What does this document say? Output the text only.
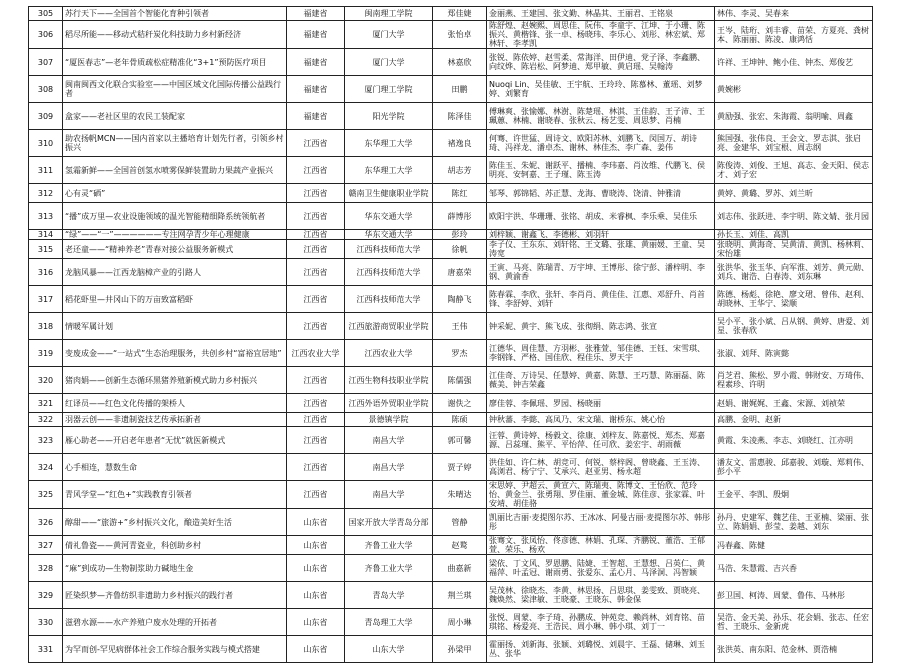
305	苏行天下——全国首个智能化育种引领者	福建省	闽南理工学院	郑佳婕	金丽燕、王建国、张文勤、林晶其、王丽君、王铭泉	林伟、李灵、吴春来
306	稻尽所能——移动式秸秆炭化科技助力乡村新经济	福建省	厦门大学	张怡卓	陈舒煌、赵婉熙、周思佳、阮伟、李童宇、江坤、于小珊、陈振兴、黄楷锋、张一卓、杨晓玮、李乐心、刘彤、林宏斌、郑林轩、李孝凯	王岑、陆珩、刘丰睿、苗荣、方夏亮、龚树本、陈丽丽、陈凌、康鸿恬
307	“厦医春志”—老年骨质疏松症精准化“3+1”预防医疗项目	福建省	厦门大学	林嘉欣	张锐、陈依婷、赵雪柔、常海洋、田伊迪、党子泽、李鑫鹏、向纹烨、陈岩松、阿梦迪、郑甲敏、黄启瑶、吴翰涛	许祥、王坤钟、鲍小佳、钟杰、郑俊艺
308	闽南闽西文化联合实验室——中国区域文化国际传播公益践行者	福建省	厦门理工学院	田鹏	Nuoqi Lin、吴佳敏、王宇航、王玲玲、陈慕林、董瑶、刘梦婷、刘繁育	黄婉彬
309	盒家——老社区里的农民工装配家	福建省	阳光学院	陈泽佳	傅琳爽、张愉娜、林澍、陈楚瑶、林淇、王佳韵、王子沛、王珮蕙、林楠、谢晓春、张秋云、杨艺雯、周思梦、肖楠	黄励强、张宏、朱海霞、翁明喻、周鑫
310	助农扬帆MCN——国内首家以主播培育计划先行者，引领乡村振兴	江西省	东华理工大学	褚逸良	何骞、许世猛、周诗文、欧阳苏林、刘鹏飞、闵国万、胡诗琦、冯祥龙、潘卓杰、谢林、林佳杰、李广森、姜伟	熊国强、张伟良、王会文、罗志淇、张启亮、金建华、刘宝根、周志纲
311	氢霜新鲜——全国首创氢水喷雾保鲜装置助力果蔬产业振兴	江西省	东华理工大学	胡志芳	陈佳玉、朱妮、谢跃平、播楠、李玮嘉、肖汝维、代鹏飞、侯明亮、安轲嘉、王子瑾、陈玉涛	陈俊涛、刘俊、王旭、高志、金天阳、侯志才、刘子宏
312	心有灵“硒”	江西省	赣南卫生健康职业学院	陈红	邹琴、郭锦韬、苏正慧、龙海、曹晓涛、饶清、钟雅清	黄婷、黄璐、罗苏、刘兰昕
313	“播”成万里—农业设施领域的温光智能精细降系统领航者	江西省	华东交通大学	薛博彤	欧阳宇洪、华珊珊、张铭、胡成、米睿枫、李乐乘、吴佳乐	刘志伟、张跃进、李宇明、陈文婧、张月园
314	“绿”——“一”——————专注网孕青少年心理健康	江西省	华东交通大学	彭玲	刘梓颖、谢鑫飞、李德彬、刘羽轩	孙长玉、刘佳、高凯
315	老还童——“精神养老”青春对接公益服务新模式	江西省	江西科技师范大学	徐帆	李子仪、王东东、刘轩铭、王文璐、张雄、黄丽媛、王童、吴涛宽	张晓明、黄海奇、吴黄清、黄凯、杨林莉、宋怡雄
316	龙脑风暴——江西龙脑樟产业的引路人	江西省	江西科技师范大学	唐嘉荣	王寅、马亮、陈瑞青、万宇坤、王博彤、徐宁彭、潘梓明、李钢、黄渝香	张洪华、张玉华、向军淮、刘芳、黄元勋、刘兵、谢浩、白春涛、刘东琳
317	稻花虾里—井冈山下的万亩致富稻虾	江西省	江西科技师范大学	陶静飞	陈春霖、李欣、张轩、李肖肖、黄佳佳、江惠、邓舒升、肖首锋、李舒婷、刘轩	陈德、杨彪、徐艳、廖文珺、曾伟、赵利、胡晓林、王华宁、梁顺
318	情暖军属计划	江西省	江西旅游商贸职业学院	王伟	钟采妮、黄宇、熊飞成、张彻绢、陈志鸿、张宣	吴小平、张小斌、吕从钢、黄婷、唐爱、刘星、张春欣
319	变废成金——“一站式”生态治理服务，共创乡村“富裕宜居地”	江西农业大学	江西农业大学	罗杰	江德华、周佳慧、方羽彬、张雅萱、邹佳德、王钰、宋雪琪、李钢锋、严格、国佳欣、程佳乐、罗天宇	张淑、刘拜、陈寅懿
320	猪肉娟——创新生态循环黑猪养殖新模式助力乡村振兴	江西省	江西生物科技职业学院	陈儒强	江佳奇、万诗吴、任慧婷、黄嘉、陈慧、王巧慧、陈丽磊、陈薇美、钟吉荣鑫	肖芝君、熊松、罗小霞、韩财安、万琦伟、程素珍、许明
321	红译员——红色文化传播的架桥人	江西省	江西外语外贸职业学院	谢佚之	廖佳蓉、李佩瑶、罗园、杨晓丽	赵娟、谢娓娓、王鑫、宋源、刘祯荣
322	羽器云创——非遗制瓷技艺传承拓新者	江西省	景德镇学院	陈硕	钟秋蕃、李懿、高凤乃、宋文瑞、谢桥东、姚心怡	高鹏、金明、赵新
323	雁心助老——开启老年患者“无忧”就医新模式	江西省	南昌大学	郭可馨	汪蓉、黄诗婷、杨毅文、徐康、刘梓友、陈嘉悦、郑杰、郑嘉源、吕蕊瑾、熊平、平怡萍、任可欣、姜宏宇、胡雨薇	黄霞、朱凌燕、李志、刘晓红、江亦明
324	心手相连，慧数生命	江西省	南昌大学	贾子婷	洪佳如、许仁林、胡竞可、何锐、蔡梓阁、曾晓鑫、王玉涛、高浏君、杨宁宁、艾承兴、赵亚男、杨永超	潘友文、雷惠骏、邱嘉骏、刘璇、郑莉伟、彭小平
325	青风学堂—“红色+”实践教育引领者	江西省	南昌大学	朱晴达	宋思婷、尹超云、黄宣六、陈瑞夷、陈博文、王怡欣、范玲怡、黄金兰、张勇翔、罗佳丽、董金城、陈佳彦、张家霖、叶安靖、胡佳骆	王金平、李凯、殷炯
326	醇甜——“旅游+”乡村振兴文化，酿造美好生活	山东省	国家开放大学青岛分部	管静	凯丽比吉丽·麦提图尔苏、王冰冰、阿曼古丽·麦提图尔苏、韩彤彤	孙丹、史建军、魏艺佳、王亚楠、梁丽、张立、陈娟娟、彭莹、姜越、刘东
327	倩礼鲁瓷——黄河青瓷业，科创助乡村	山东省	齐鲁工业大学	赵鹜	张骞文、张凤怡、佟彦德、林娟、孔琛、齐鹏锐、董浩、王郁萱、荣乐、杨欢	冯春鑫、陈健
328	“麻”到成功—生物制浆助力碱地生金	山东省	齐鲁工业大学	曲嘉新	梁依、丁文风、罗恩鹏、陆婕、王智超、王慧想、吕英仁、黄福萍、叶孟冠、谢雨勇、张爱东、孟心月、马泽洞、冯智颖	马浩、朱慧霞、吉兴香
329	匠染织梦—齐鲁纺织非遗助力乡村振兴的践行者	山东省	青岛大学	荆兰琪	吴茂林、徐晓杰、李黄、林思扬、吕思琪、姜雯致、贾晓亮、魏焕然、梁津敏、王晓豪、王晓东、韩金保	彭卫国、柯涛、周蒙、鲁伟、马林彤
330	滋碧水源——水产养殖户废水处理的开拓者	山东省	青岛理工大学	周小琳	张悦、周蒙、李子琦、孙鹏成、钟苑竞、赖尚林、刘育铭、苗琪铭、杨爱亮、王浩民、周小琳、韩小琪、刘丁一	吴浩、金天美、孙乐、花会娟、张志、任宏哲、王晓乐、金新虎
331	为罕而创-罕见病群体社会工作综合服务实践与模式搭建	山东省	山东大学	孙梁甲	霍丽扬、刘新海、张颖、刘璐悦、刘晨宇、王磊、储琳、刘玉丛、张华	张洪英、南东阳、范金林、贾浩楠
